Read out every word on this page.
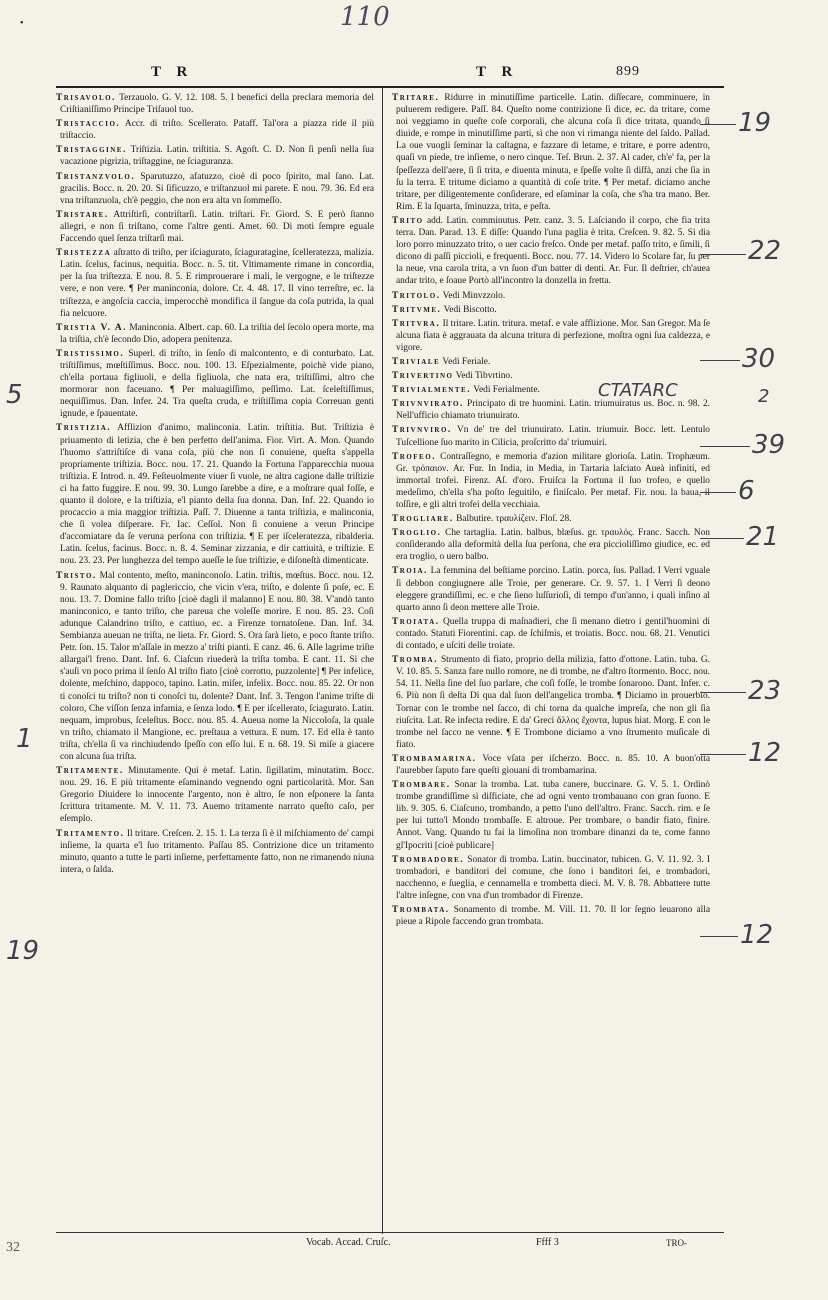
110
•
T R	T R	899
Trisavolo. Terzauolo. G. V. 12. 108. 5. I benefici della preclara memoria del Criſtianiſſimo Principe Triſauol tuo.
Tristaccio. Accr. di triſto. Scellerato. Pataff. Tal'ora a piazza ride il più triſtaccio.
Tristaggine. Triſtizia. Latin. triſtitia. S. Agoſt. C. D. Non ſi penſi nella ſua vacazione pigrizia, triſtaggine, ne ſciaguranza.
Tristanzvolo. Sparutuzzo, afatuzzo, cioè di poco ſpirito, mal ſano. Lat. gracilis. Bocc. n. 20. 20. Si ſificuzzo, e triſtanzuol mi parete. E nou. 79. 36. Ed era vna triſtanzuola, ch'è peggio, che non era alta vn ſommeſſo.
Tristare. Attriſtirſi, contriſtarſi. Latin. triſtari. Fr. Giord. S. E però ſtanno allegri, e non ſi triſtano, come l'altre genti. Amet. 60. Di moti ſempre eguale Faccendo quel ſenza triſtarſi mai.
Tristezza aſtratto di triſto, per iſciagurato, ſciaguratagine, ſcelleratezza, malizia. Latin. ſcelus, facinus, nequitia. Bocc. n. 5. tit. Vltimamente rimane in concordia, per la ſua triſtezza. E nou. 8. 5. E rimprouerare i mali, le vergogne, e le triſtezze vere, e non vere. ¶ Per maninconia, dolore. Cr. 4. 48. 17. Il vino terreſtre, ec. la triſtezza, e angoſcia caccia, imperocchè mondifica il ſangue da coſa putrida, la qual fia nelcuore.
Tristia V. A. Maninconia. Albert. cap. 60. La triſtia del ſecolo opera morte, ma la triſtia, ch'è ſecondo Dio, adopera penitenza.
Tristissimo. Superl. di triſto, in ſenſo di malcontento, e di conturbato. Lat. triſtiſſimus, mœſtiſſimus. Bocc. nou. 100. 13. Eſpezialmente, poichè vide piano, ch'ella portaua figliuoli, e della figliuola, che nata era, triſtiſſimi, altro che mormorar non faceuano. ¶ Per maluagiſſimo, peſſimo. Lat. ſceleſtiſſimus, nequiſſimus. Dan. Infer. 24. Tra queſta cruda, e triſtiſſima copia Correuan genti ignude, e ſpauentate.
Tristizia. Afflizion d'animo, malinconia. Latin. triſtitia. But. Triſtizia è priuamento di letizia, che è ben perfetto dell'anima. Fior. Virt. A. Mon. Quando l'huomo s'attriſtiſce di vana coſa, più che non ſi conuiene, queſta s'appella propriamente triſtizia. Bocc. nou. 17. 21. Quando la Fortuna l'apparecchia nuoua triſtizia. E Introd. n. 49. Feſteuolmente viuer ſi vuole, ne altra cagione dalle triſtizie ci ha fatto fuggire. E nou. 99. 30. Lungo ſarebbe a dire, e a moſtrare qual foſſe, e quanto il dolore, e la triſtizia, e'l pianto della ſua donna. Dan. Inf. 22. Quando io procaccio a mia maggior triſtizia. Paſſ. 7. Diuenne a tanta triſtizia, e malinconia, che ſi volea diſperare. Fr. Iac. Ceſſol. Non ſi conuiene a verun Principe d'accomiatare da ſe veruna perſona con triſtizia. ¶ E per iſceleratezza, ribalderia. Latin. ſcelus, facinus. Bocc. n. 8. 4. Seminar zizzania, e dir cattiuità, e triſtizie. E nou. 23. 23. Per lunghezza del tempo aueſſe le ſue triſtizie, e diſoneſtà dimenticate.
Tristo. Mal contento, meſto, maninconoſo. Latin. triſtis, mœſtus. Bocc. nou. 12. 9. Raunato alquanto di paglericcio, che vicin v'era, triſto, e dolente ſi poſe, ec. E nou. 13. 7. Domine fallo triſto [cioè dagli il malanno] E nou. 80. 38. V'andò tanto maninconico, e tanto triſto, che pareua che voleſſe morire. E nou. 85. 23. Coſì adunque Calandrino triſto, e cattiuo, ec. a Firenze tornatoſene. Dan. Inf. 34. Sembianza aueuan ne triſta, ne lieta. Fr. Giord. S. Ora ſarà lieto, e poco ſtante triſto. Petr. ſon. 15. Talor m'aſſale in mezzo a' triſti pianti. E canz. 46. 6. Alle lagrime triſte allargai'l freno. Dant. Inf. 6. Ciaſcun riuederà la triſta tomba. E cant. 11. Si che s'auſi vn poco prima il ſenſo Al triſto fiato [cioè corrotto, puzzolente] ¶ Per infelice, dolente, meſchino, dappoco, tapino. Latin. miſer, infelix. Bocc. nou. 85. 22. Or non ti conoſci tu triſto? non ti conoſci tu, dolente? Dant. Inf. 3. Tengon l'anime triſte di coloro, Che viſſon ſenza infamia, e ſenza lodo. ¶ E per iſcellerato, ſciagurato. Latin. nequam, improbus, ſceleſtus. Bocc. nou. 85. 4. Aueua nome la Niccoloſa, la quale vn triſto, chiamato il Mangione, ec. preſtaua a vettura. E num. 17. Ed ella è tanto triſta, ch'ella ſi va rinchiudendo ſpeſſo con eſſo lui. E n. 68. 19. Si miſe a giacere con alcuna ſua triſta.
Tritamente. Minutamente. Quì è metaf. Latin. ſigillatim, minutatim. Bocc. nou. 29. 16. E più tritamente eſaminando vegnendo ogni particolarità. Mor. San Gregorio Diuidere lo innocente l'argento, non è altro, ſe non eſponere la ſanta ſcrittura tritamente. M. V. 11. 73. Auemo tritamente narrato queſto caſo, per eſemplo.
Tritamento. Il tritare. Creſcen. 2. 15. 1. La terza ſi è il miſchiamento de' campi inſieme, la quarta e'l ſuo tritamento. Paſſau 85. Contrizione dice un tritamento minuto, quanto a tutte le parti inſieme, perfettamente fatto, non ne rimanendo niuna intera, o ſalda.
Tritare. Ridurre in minutiſſime particelle. Latin. diſſecare, comminuere, in puluerem redigere. Paſſ. 84. Queſto nome contrizione ſi dice, ec. da tritare, come noi veggiamo in queſte coſe corporali, che alcuna coſa ſi dice tritata, quando ſi diuide, e rompe in minutiſſime parti, sì che non vi rimanga niente del ſaldo. Pallad. La oue vuogli ſeminar la caſtagna, e fazzare di letame, e tritare, e porre adentro, quaſi vn piede, tre inſieme, o nero cinque. Teſ. Brun. 2. 37. Al cader, ch'e' fa, per la ſpeſſezza dell'aere, ſi ſi trita, e diuenta minuta, e ſpeſſe volte ſi diſfà, anzi che ſia in ſu la terra. E tritume diciamo a quantità di coſe trite. ¶ Per metaf. diciamo anche tritare, per diligentemente conſiderare, ed eſaminar la coſa, che s'ha tra mano. Ber. Rim. E la ſquarta, ſminuzza, trita, e peſta.
Trito add. Latin. comminutus. Petr. canz. 3. 5. Laſciando il corpo, che fia trita terra. Dan. Parad. 13. E diſſe: Quando l'una paglia è trita. Creſcen. 9. 82. 5. Si dia loro porro minuzzato trito, o uer cacio freſco. Onde per metaf. paſſo trito, e ſimili, ſi dicono di paſſi piccioli, e frequenti. Bocc. nou. 77. 14. Videro lo Scolare far, ſu per la neue, vna carola trita, a vn ſuon d'un batter di denti. Ar. Fur. Il deſtrier, ch'auea andar trito, e ſoaue Portò all'incontro la donzella in fretta.
Tritolo. Vedi Minvzzolo.
Tritvme. Vedi Biscotto.
Tritvra. Il tritare. Latin. tritura. metaf. e vale afflizione. Mor. San Gregor. Ma ſe alcuna fiata è aggrauata da alcuna tritura di perfezione, moſtra ogni ſua caldezza, e vigore.
Triviale Vedi Feriale.
Trivertino Vedi Tibvrtino.
Trivialmente. Vedi Ferialmente.
Trivnvirato. Principato di tre huomini. Latin. triumuiratus us. Boc. n. 98. 2. Nell'ufficio chiamato triunuirato.
Trivnviro. Vn de' tre del triunuirato. Latin. triumuir. Bocc. lett. Lentulo Tuſcellione ſuo marito in Cilicia, proſcritto da' triumuiri.
Trofeo. Contraſſegno, e memoria d'azion militare glorioſa. Latin. Trophæum. Gr. τρόπαιον. Ar. Fur. In India, in Media, in Tartaria laſciato Aueà infiniti, ed immortal trofei. Firenz. Aſ. d'oro. Fruiſca la Fortuna il ſuo trofeo, e quello medeſimo, ch'ella s'ha poſto ſeguitilo, e finiſcalo. Per metaf. Fir. nou. la baua, il toſſire, e gli altri trofei della vecchiaia.
Trogliare. Balbutire. τραυλίζειν. Floſ. 28.
Troglio. Che tartaglia. Latin. balbus, blæſus. gr. τραυλός. Franc. Sacch. Non conſiderando alla deformità della ſua perſona, che era piccioliſſimo giudice, ec. ed era troglio, o uero balbo.
Troia. La femmina del beſtiame porcino. Latin. porca, ſus. Pallad. I Verri vguale ſi debbon congiugnere alle Troie, per generare. Cr. 9. 57. 1. I Verri ſi deono eleggere grandiſſimi, ec. e che ſieno luſſurioſi, di tempo d'un'anno, i quali inſino al quarto anno ſi deon mettere alle Troie.
Troiata. Quella truppa di maſnadieri, che ſi menano dietro i gentil'huomini di contado. Statuti Fiorentini. cap. de ſchiſmis, et troiatis. Bocc. nou. 68. 21. Venutici di contado, e uſciti delle troiate.
Tromba. Strumento di fiato, proprio della milizia, fatto d'ottone. Latin. tuba. G. V. 10. 85. 5. Sanza fare nullo romore, ne di trombe, ne d'altro ſtormento. Bocc. nou. 54. 11. Nella ſine del ſuo parlare, che coſì foſſe, le trombe ſonarono. Dant. Infer. c. 6. Più non ſi deſta Di qua dal ſuon dell'angelica tromba. ¶ Diciamo in prouerbio. Tornar con le trombe nel ſacco, di chi torna da qualche impreſa, che non gli ſia riuſcita. Lat. Re infecta redire. E da' Greci ἄλλος ἔχοντα, lupus hiat. Morg. E con le trombe nel ſacco ne venne. ¶ E Trombone diciamo a vno ſtrumento muſicale di fiato.
Trombamarina. Voce vſata per iſcherzo. Bocc. n. 85. 10. A buon'otta l'aurebber ſaputo fare queſti giouani di trombamarina.
Trombare. Sonar la tromba. Lat. tuba canere, buccinare. G. V. 5. 1. Ordinò trombe grandiſſime sì diſficiate, che ad ogni vento trombauano con gran ſuono. E lib. 9. 305. 6. Ciaſcuno, trombando, a petto l'uno dell'altro. Franc. Sacch. rim. e ſe per lui tutto'l Mondo trombaſſe. E altroue. Per trombare, o bandir fiato, finire. Annot. Vang. Quando tu fai la limoſina non trombare dinanzi da te, come fanno gl'Ipocriti [cioè publicare]
Trombadore. Sonator di tromba. Latin. buccinator, tubicen. G. V. 11. 92. 3. I trombadori, e banditori del comune, che ſono i banditori ſei, e trombadori, nacchenno, e ſueglia, e cennamella e trombetta dieci. M. V. 8. 78. Abbattere tutte l'altre inſegne, con vna d'un trombador di Firenze.
Trombata. Sonamento di trombe. M. Vill. 11. 70. Il lor ſegno leuarono alla pieue a Ripole faccendo gran trombata.
Vocab. Accad. Cruſc.	Ffff 3	TRO-
19
22
30
39
6
21
23
12
12
2
5
1
19
CTATARC
32
